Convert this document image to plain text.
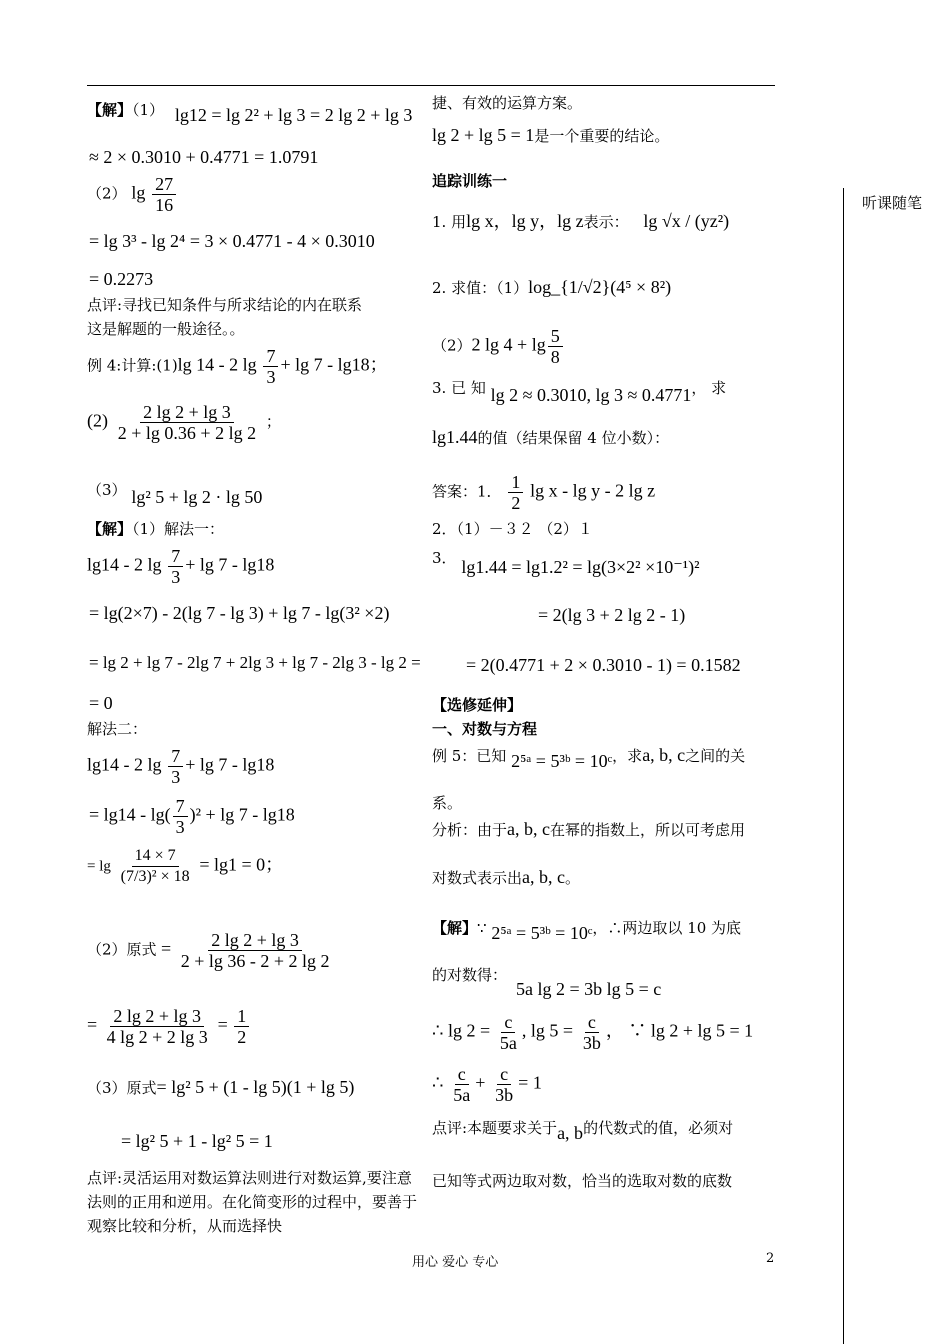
听课随笔
【解】（1） lg12 = lg 2² + lg 3 = 2 lg 2 + lg 3
≈ 2 × 0.3010 + 0.4771 = 1.0791
（2） $\lg \frac{27}{16}$
= lg 3³ - lg 2⁴ = 3 × 0.4771 - 4 × 0.3010
= 0.2273
点评:寻找已知条件与所求结论的内在联系
这是解题的一般途径。。
例 4:计算:(1)lg 14 - 2 $\lg \frac{7}{3} + \lg 7 - \lg 18$；
$(2) \frac{2 \lg 2 + \lg 3}{2 + \lg 0.36 + 2 \lg 2}$ ；
（3） lg² 5 + lg 2 · lg 50
【解】（1）解法一：
lg14 - 2 $\lg \frac{7}{3} + \lg 7 - \lg 18$
= lg(2×7) - 2(lg 7 - lg 3) + lg 7 - lg(3² ×2)
= lg 2 + lg 7 - 2lg 7 + 2lg 3 + lg 7 - 2lg 3 - lg 2 =
= 0
解法二：
lg14 - 2 $\lg \frac{7}{3} + \lg 7 - \lg 18$
= $\lg 14 - \lg( \frac{7}{3} )^2 + \lg 7 - \lg 18$
= $\lg \frac{14 \times 7}{\text{(7/3)² × 18}} = \lg 1 = 0$；
（2）原式 = $\frac{2 \lg 2 + \lg 3}{2 + \lg 36 - 2 + 2 \lg 2}$
= $\frac{2 \lg 2 + \lg 3}{4 \lg 2 + 2 \lg 3} = \frac{1}{2}$
（3）原式= lg² 5 + (1 - lg 5)(1 + lg 5)
= lg² 5 + 1 - lg² 5 = 1
点评:灵活运用对数运算法则进行对数运算,要注意法则的正用和逆用。在化简变形的过程中，要善于观察比较和分析，从而选择快
捷、有效的运算方案。
lg 2 + lg 5 = 1是一个重要的结论。
追踪训练一
1. 用lg x，lg y，lg z表示： lg √x / (yz²)
2. 求值：（1）log_{1/√2}(4⁵ × 8²)
（2）2 $\lg 4 + \lg \frac{5}{8}$
3. 已 知 lg 2 ≈ 0.3010, lg 3 ≈ 0.4771， 求
lg1.44的值（结果保留 4 位小数）：
答案：1． $\frac{1}{2}$ lg x - lg y - 2 lg z
2．（1）－３２ （2）１
3． lg1.44 = lg1.2² = lg(3×2² ×10⁻¹)²
= 2(lg 3 + 2 lg 2 - 1)
= 2(0.4771 + 2 × 0.3010 - 1) = 0.1582
【选修延伸】
一、对数与方程
例 5：已知 2⁵ᵃ = 5³ᵇ = 10ᶜ，求a, b, c之间的关
系。
分析：由于a, b, c在幂的指数上，所以可考虑用
对数式表示出a, b, c。
【解】∵ 2⁵ᵃ = 5³ᵇ = 10ᶜ，∴两边取以 10 为底
的对数得：
5a lg 2 = 3b lg 5 = c
∴ $\lg 2 = \frac{c}{5a}$ , $\lg 5 = \frac{c}{3b}$ ， ∵ lg 2 + lg 5 = 1
∴ $\frac{c}{5a} + \frac{c}{3b} = 1$
点评:本题要求关于a, b的代数式的值，必须对
已知等式两边取对数，恰当的选取对数的底数
用心 爱心 专心	2
